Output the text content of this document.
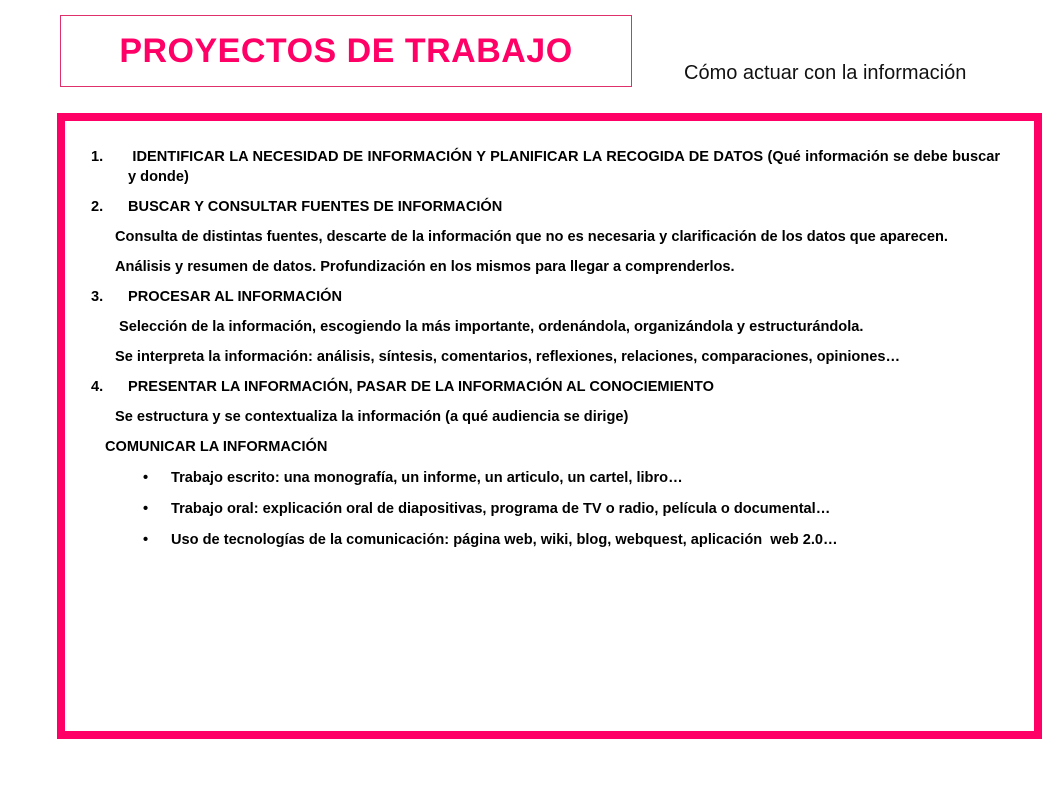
PROYECTOS DE TRABAJO
Cómo actuar con la información
1.	IDENTIFICAR LA NECESIDAD DE INFORMACIÓN Y PLANIFICAR LA RECOGIDA DE DATOS (Qué información se debe buscar y donde)
2.	BUSCAR Y CONSULTAR FUENTES DE INFORMACIÓN
Consulta de distintas fuentes, descarte de la información que no es necesaria y clarificación de los datos que aparecen.
Análisis y resumen de datos. Profundización en los mismos para llegar a comprenderlos.
3.	PROCESAR AL INFORMACIÓN
Selección de la información, escogiendo la más importante, ordenándola, organizándola y estructurándola.
Se interpreta la información: análisis, síntesis, comentarios, reflexiones, relaciones, comparaciones, opiniones…
4.	PRESENTAR LA INFORMACIÓN, PASAR DE LA INFORMACIÓN AL CONOCIEMIENTO
Se estructura y se contextualiza la información (a qué audiencia se dirige)
COMUNICAR LA INFORMACIÓN
•	Trabajo escrito: una monografía, un informe, un articulo, un cartel, libro…
•	Trabajo oral: explicación oral de diapositivas, programa de TV o radio, película o documental…
•	Uso de tecnologías de la comunicación: página web, wiki, blog, webquest, aplicación  web 2.0…
